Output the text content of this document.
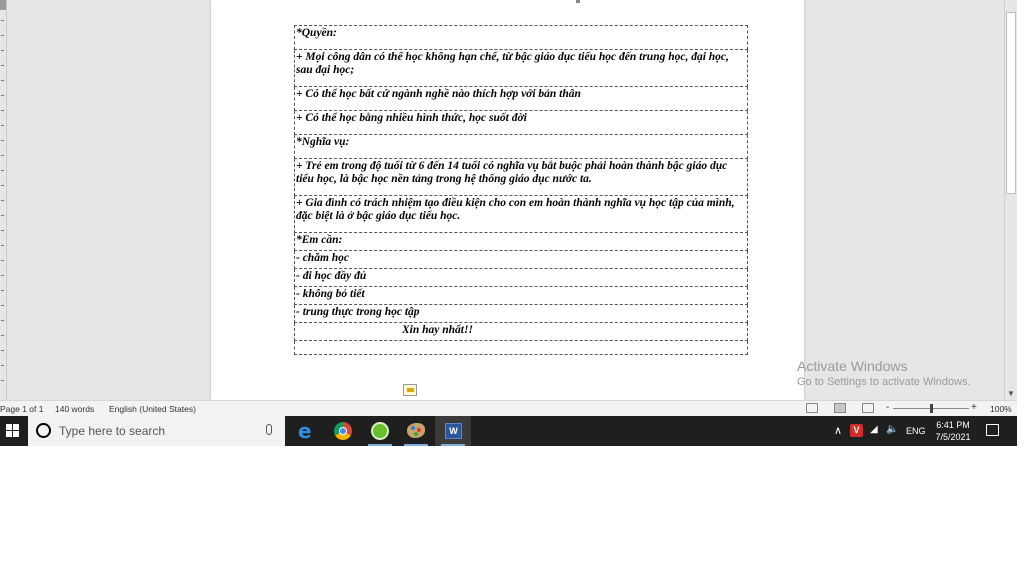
*Quyền:
+ Mọi công dân có thể học không hạn chế, từ bậc giáo dục tiểu học đến trung học, đại học, sau đại học;
+ Có thể học bất cứ ngành nghề nào thích hợp với bản thân
+ Có thể học bằng nhiều hình thức, học suốt đời
*Nghĩa vụ:
+ Trẻ em trong độ tuổi từ 6 đến 14 tuổi có nghĩa vụ bắt buộc phải hoàn thành bậc giáo dục tiểu học, là bậc học nền tảng trong hệ thống giáo dục nước ta.
+ Gia đình có trách nhiệm tạo điều kiện cho con em hoàn thành nghĩa vụ học tập của mình, đặc biệt là ở bậc giáo dục tiểu học.
*Em cần:
- chăm học
- đi học đầy đủ
- không bỏ tiết
- trung thực trong học tập
Xin hay nhất!!

Activate Windows
Go to Settings to activate Windows.
▼
Page 1 of 1 140 words English (United States)	-	+ 100%
Type here to search	e	W	∧	V	◢ 🔈 ENG
6:41 PM
7/5/2021
